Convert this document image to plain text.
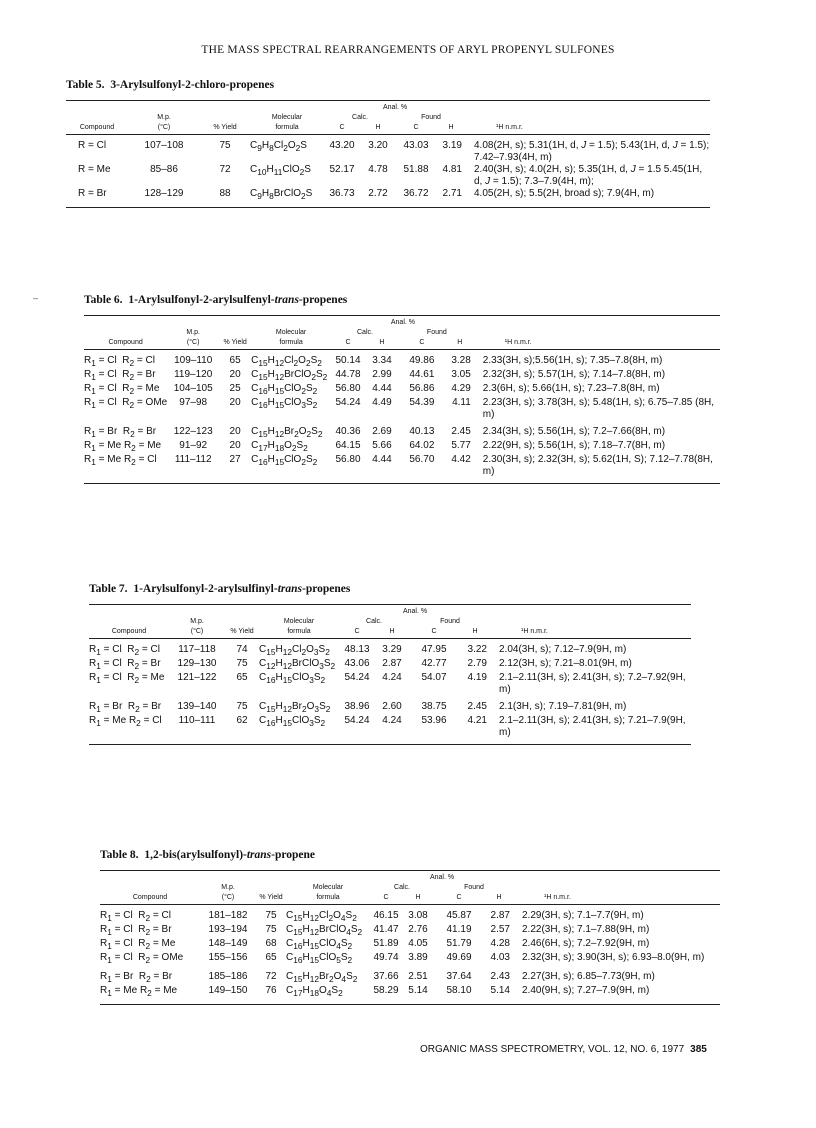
THE MASS SPECTRAL REARRANGEMENTS OF ARYL PROPENYL SULFONES
–
Table 5.  3-Arylsulfonyl-2-chloro-propenes
				Anal. %				
	M.p.		Molecular	Calc.		Found		
Compound	(°C)	% Yield	formula	C	H	C	H	¹H n.m.r.

R = Cl	107–108	75	$C_9H_8Cl_2O_2S$	43.20	3.20	43.03	3.19	4.08(2H, s); 5.31(1H, d, J = 1.5); 5.43(1H, d, J = 1.5); 7.42–7.93(4H, m)
R = Me	85–86	72	$C_{10}H_{11}ClO_2S$	52.17	4.78	51.88	4.81	2.40(3H, s); 4.0(2H, s); 5.35(1H, d, J = 1.5 5.45(1H, d, J = 1.5); 7.3–7.9(4H, m);
R = Br	128–129	88	$C_9H_8BrClO_2S$	36.73	2.72	36.72	2.71	4.05(2H, s); 5.5(2H, broad s); 7.9(4H, m)

Table 6.  1-Arylsulfonyl-2-arylsulfenyl-trans-propenes
				Anal. %				
	M.p.		Molecular	Calc.		Found		
Compound	(°C)	% Yield	formula	C	H	C	H	¹H n.m.r.

$R_1 = Cl$  $R_2 = Cl$	109–110	65	$C_{15}H_{12}Cl_2O_2S_2$	50.14	3.34	49.86	3.28	2.33(3H, s);5.56(1H, s); 7.35–7.8(8H, m)
$R_1 = Cl$  $R_2 = Br$	119–120	20	$C_{15}H_{12}BrClO_2S_2$	44.78	2.99	44.61	3.05	2.32(3H, s); 5.57(1H, s); 7.14–7.8(8H, m)
$R_1 = Cl$  $R_2 = Me$	104–105	25	$C_{16}H_{15}ClO_2S_2$	56.80	4.44	56.86	4.29	2.3(6H, s); 5.66(1H, s); 7.23–7.8(8H, m)
$R_1 = Cl$  $R_2$ = OMe	97–98	20	$C_{16}H_{15}ClO_3S_2$	54.24	4.49	54.39	4.11	2.23(3H, s); 3.78(3H, s); 5.48(1H, s); 6.75–7.85 (8H, m)

$R_1 = Br$  $R_2 = Br$	122–123	20	$C_{15}H_{12}Br_2O_2S_2$	40.36	2.69	40.13	2.45	2.34(3H, s); 5.56(1H, s); 7.2–7.66(8H, m)
$R_1 = Me$ $R_2 = Me$	91–92	20	$C_{17}H_{18}O_2S_2$	64.15	5.66	64.02	5.77	2.22(9H, s); 5.56(1H, s); 7.18–7.7(8H, m)
$R_1 = Me$ $R_2 = Cl$	111–112	27	$C_{16}H_{15}ClO_2S_2$	56.80	4.44	56.70	4.42	2.30(3H, s); 2.32(3H, s); 5.62(1H, S); 7.12–7.78(8H, m)

Table 7.  1-Arylsulfonyl-2-arylsulfinyl-trans-propenes
				Anal. %				
	M.p.		Molecular	Calc.		Found		
Compound	(°C)	% Yield	formula	C	H	C	H	¹H n.m.r.

$R_1 = Cl$  $R_2 = Cl$	117–118	74	$C_{15}H_{12}Cl_2O_3S_2$	48.13	3.29	47.95	3.22	2.04(3H, s); 7.12–7.9(9H, m)
$R_1 = Cl$  $R_2 = Br$	129–130	75	$C_{12}H_{12}BrClO_3S_2$	43.06	2.87	42.77	2.79	2.12(3H, s); 7.21–8.01(9H, m)
$R_1 = Cl$  $R_2 = Me$	121–122	65	$C_{16}H_{15}ClO_3S_2$	54.24	4.24	54.07	4.19	2.1–2.11(3H, s); 2.41(3H, s); 7.2–7.92(9H, m)

$R_1 = Br$  $R_2 = Br$	139–140	75	$C_{15}H_{12}Br_2O_3S_2$	38.96	2.60	38.75	2.45	2.1(3H, s); 7.19–7.81(9H, m)
$R_1 = Me$ $R_2 = Cl$	110–111	62	$C_{16}H_{15}ClO_3S_2$	54.24	4.24	53.96	4.21	2.1–2.11(3H, s); 2.41(3H, s); 7.21–7.9(9H, m)

Table 8.  1,2-bis(arylsulfonyl)-trans-propene
				Anal. %				
	M.p.		Molecular	Calc.		Found		
Compound	(°C)	% Yield	formula	C	H	C	H	¹H n.m.r.

$R_1 = Cl$  $R_2 = Cl$	181–182	75	$C_{15}H_{12}Cl_2O_4S_2$	46.15	3.08	45.87	2.87	2.29(3H, s); 7.1–7.7(9H, m)
$R_1 = Cl$  $R_2 = Br$	193–194	75	$C_{15}H_{12}BrClO_4S_2$	41.47	2.76	41.19	2.57	2.22(3H, s); 7.1–7.88(9H, m)
$R_1 = Cl$  $R_2 = Me$	148–149	68	$C_{16}H_{15}ClO_4S_2$	51.89	4.05	51.79	4.28	2.46(6H, s); 7.2–7.92(9H, m)
$R_1 = Cl$  $R_2$ = OMe	155–156	65	$C_{16}H_{15}ClO_5S_2$	49.74	3.89	49.69	4.03	2.32(3H, s); 3.90(3H, s); 6.93–8.0(9H, m)

$R_1 = Br$  $R_2 = Br$	185–186	72	$C_{15}H_{12}Br_2O_4S_2$	37.66	2.51	37.64	2.43	2.27(3H, s); 6.85–7.73(9H, m)
$R_1 = Me$ $R_2 = Me$	149–150	76	$C_{17}H_{18}O_4S_2$	58.29	5.14	58.10	5.14	2.40(9H, s); 7.27–7.9(9H, m)

ORGANIC MASS SPECTROMETRY, VOL. 12, NO. 6, 1977 385
